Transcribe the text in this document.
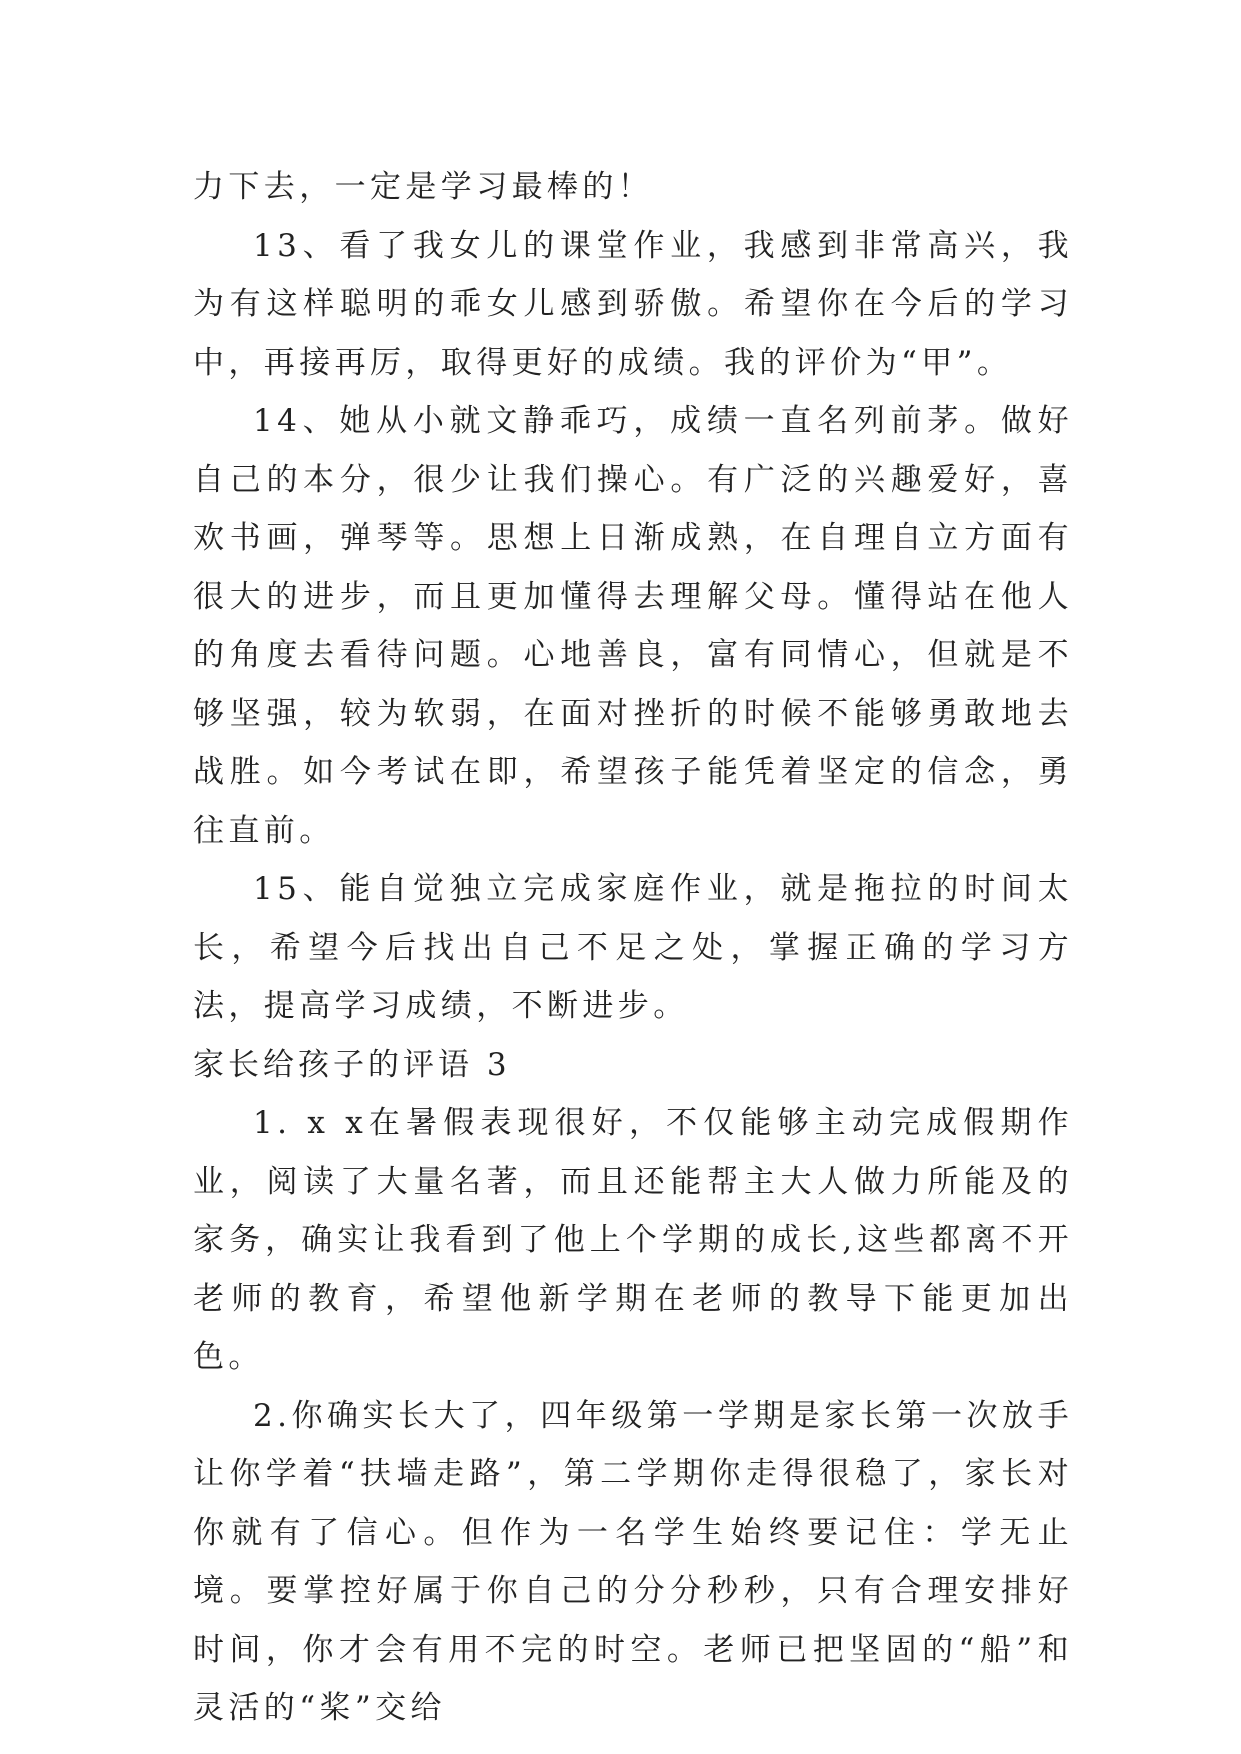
力下去，一定是学习最棒的！

13、看了我女儿的课堂作业，我感到非常高兴，我为有这样聪明的乖女儿感到骄傲。希望你在今后的学习中，再接再厉，取得更好的成绩。我的评价为“甲”。

14、她从小就文静乖巧，成绩一直名列前茅。做好自己的本分，很少让我们操心。有广泛的兴趣爱好，喜欢书画，弹琴等。思想上日渐成熟，在自理自立方面有很大的进步，而且更加懂得去理解父母。懂得站在他人的角度去看待问题。心地善良，富有同情心，但就是不够坚强，较为软弱，在面对挫折的时候不能够勇敢地去战胜。如今考试在即，希望孩子能凭着坚定的信念，勇往直前。

15、能自觉独立完成家庭作业，就是拖拉的时间太长，希望今后找出自己不足之处，掌握正确的学习方法，提高学习成绩，不断进步。

家长给孩子的评语 3

1. x x在暑假表现很好，不仅能够主动完成假期作业，阅读了大量名著，而且还能帮主大人做力所能及的家务，确实让我看到了他上个学期的成长,这些都离不开老师的教育，希望他新学期在老师的教导下能更加出色。

2.你确实长大了，四年级第一学期是家长第一次放手让你学着“扶墙走路”，第二学期你走得很稳了，家长对你就有了信心。但作为一名学生始终要记住：学无止境。要掌控好属于你自己的分分秒秒，只有合理安排好时间，你才会有用不完的时空。老师已把坚固的“船”和灵活的“桨”交给
